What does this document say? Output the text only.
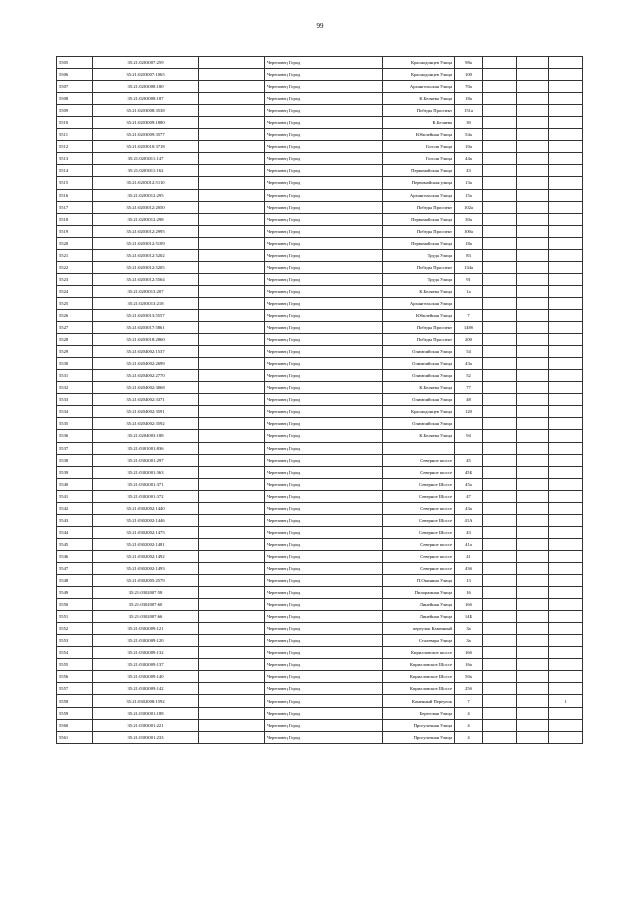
99
5505	35:21:0203007:259		Череповец Город	Краснодонцев Улица	98а			
5506	35:21:0203007:1065		Череповец Город	Краснодонцев Улица	100			
5507	35:21:0203008:180		Череповец Город	Архангельская Улица	70а			
5508	35:21:0203008:187		Череповец Город	К.Беляева Улица	18а			
5509	35:21:0203008:3538		Череповец Город	Победы Проспект	151а			
5510	35:21:0203009:1880		Череповец Город	К.Беляева	30			
5511	35:21:0203009:3577		Череповец Город	Юбилейная Улица	54а			
5512	35:21:0203010:3718		Череповец Город	Гоголя Улица	10а			
5513	35:21:0203011:147		Череповец Город	Гоголя Улица	44а			
5514	35:21:0203011:162		Череповец Город	Первомайская Улица	43			
5515	35:21:0203012:5110		Череповец Город	Первомайская улица	13а			
5516	35:21:0203012:295		Череповец Город	Архангельская Улица	15а			
5517	35:21:0203012:2050		Череповец Город	Победы Проспект	102а			
5518	35:21:0203012:298		Череповец Город	Первомайская Улица	30а			
5519	35:21:0203012:2995		Череповец Город	Победы Проспект	100а			
5520	35:21:0203012:5109		Череповец Город	Первомайская Улица	18а			
5521	35:21:0203012:5202		Череповец Город	Труда Улица	83			
5522	35:21:0203012:5205		Череповец Город	Победы Проспект	134а			
5523	35:21:0203012:5564		Череповец Город	Труда Улица	91			
5524	35:21:0203013:207		Череповец Город	К.Беляева Улица	1а			
5525	35:21:0203013:218		Череповец Город	Архангельская Улица				
5526	35:21:0203013:5557		Череповец Город	Юбилейная Улица	7			
5527	35:21:0203017:5861		Череповец Город	Победы Проспект	148б			
5528	35:21:0203018:2860		Череповец Город	Победы Проспект	200			
5529	35:21:0204002:1537		Череповец Город	Олимпийская Улица	54			
5530	35:21:0204002:2699		Череповец Город	Олимпийская Улица	43а			
5531	35:21:0204002:2770		Череповец Город	Олимпийская Улица	52			
5532	35:21:0204002:3068		Череповец Город	К.Беляева Улица	77			
5533	35:21:0204002:3371		Череповец Город	Олимпийская Улица	48			
5534	35:21:0204002:3591		Череповец Город	Краснодонцев Улица	120			
5535	35:21:0204002:3592		Череповец Город	Олимпийская Улица				
5536	35:21:0204003:188		Череповец Город	К.Беляева Улица	94			
5537	35:21:0301001:836		Череповец Город					
5538	35:21:0302001:297		Череповец Город	Северное шоссе	45			
5539	35:21:0302001:363		Череповец Город	Северное шоссе	45Б			
5540	35:21:0302001:371		Череповец Город	Северное Шоссе	45а			
5541	35:21:0302001:372		Череповец Город	Северное Шоссе	47			
5542	35:21:0302002:1440		Череповец Город	Северное шоссе	43а			
5543	35:21:0302002:1446		Череповец Город	Северное Шоссе	41А			
5544	35:21:0302002:1475		Череповец Город	Северное Шоссе	43			
5545	35:21:0302002:1481		Череповец Город	Северное шоссе	41а			
5546	35:21:0302002:1492		Череповец Город	Северное шоссе	41			
5547	35:21:0302002:1493		Череповец Город	Северное шоссе	43б			
5548	35:21:0302005:2579		Череповец Город	П.Окинина Улица	13			
5549	35:21:0302007:58		Череповец Город	Пилорамная Улица	16			
5550	35:21:0302007:60		Череповец Город	Линейная Улица	16б			
5551	35:21:0302007:66		Череповец Город	Линейная Улица	14Б			
5552	35:21:0302009:121		Череповец Город	переулок Каменный	3а			
5553	35:21:0302009:120		Череповец Город	Сталевара Улица	3а			
5554	35:21:0302009:132		Череповец Город	Кирилловское шоссе	16б			
5555	35:21:0302009:137		Череповец Город	Кирилловское Шоссе	16а			
5556	35:21:0302009:140		Череповец Город	Кирилловское Шоссе	50а			
5557	35:21:0302009:142		Череповец Город	Кирилловское Шоссе	25б			
5558	35:21:0302008:1592		Череповец Город	Каменный Переулок	7			1
5559	35:21:0303001:188		Череповец Город	Береговая Улица	4			
5560	35:21:0303001:221		Череповец Город	Прогулочная Улица	4			
5561	35:21:0303001:233		Череповец Город	Прогулочная Улица	4			
